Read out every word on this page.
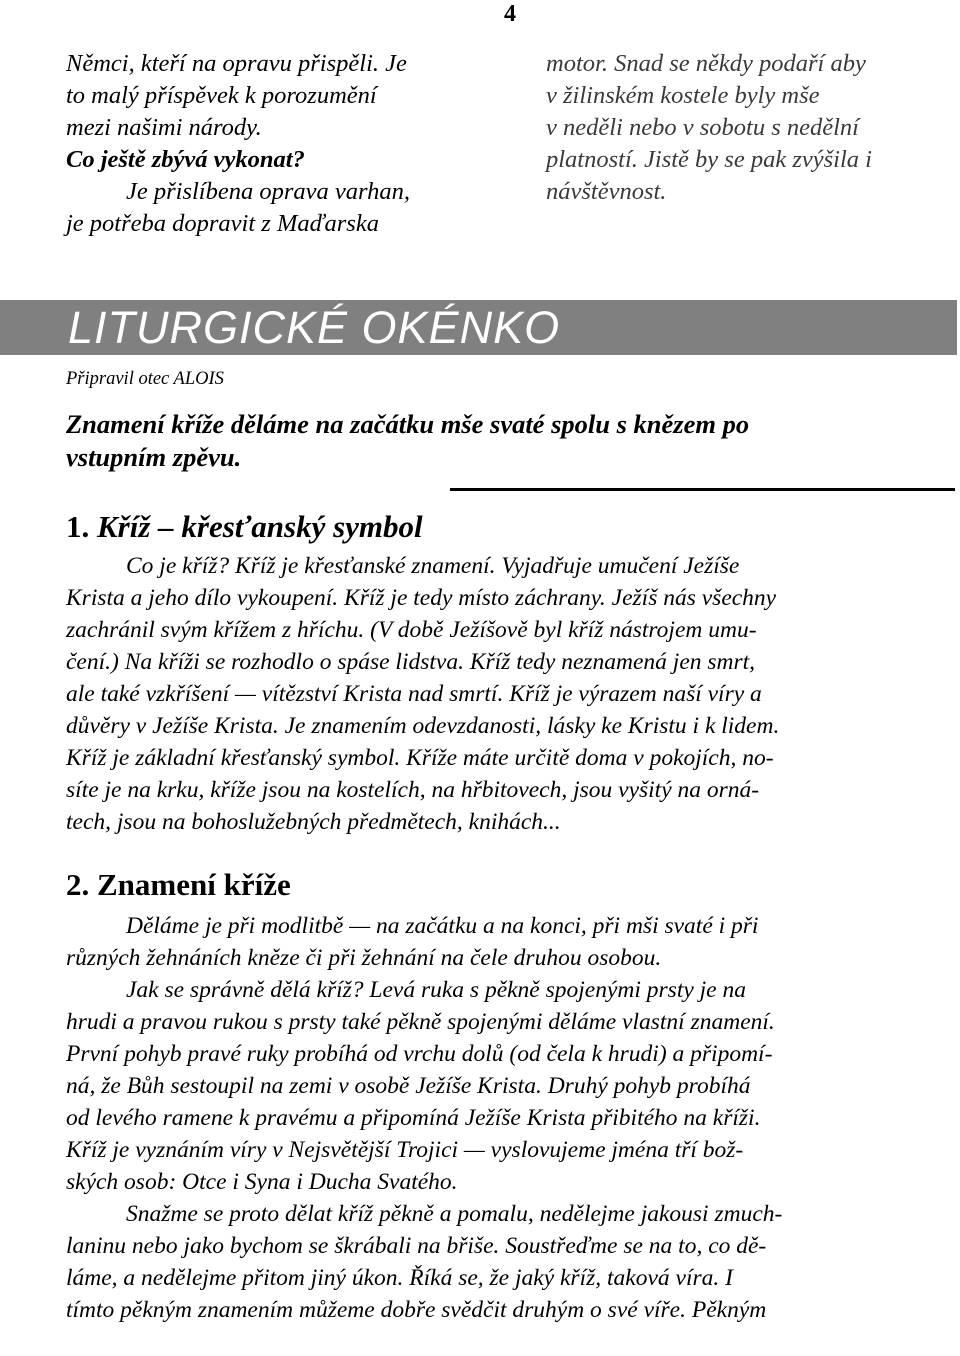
4
Němci, kteří na opravu přispěli. Je
to malý příspěvek k porozumění
mezi našimi národy.
Co ještě zbývá vykonat?
Je přislíbena oprava varhan,
je potřeba dopravit z Maďarska
motor. Snad se někdy podaří aby
v žilinském kostele byly mše
v neděli nebo v sobotu s nedělní
platností. Jistě by se pak zvýšila i
návštěvnost.
LITURGICKÉ OKÉNKO
Připravil otec ALOIS
Znamení kříže děláme na začátku mše svaté spolu s knězem po
vstupním zpěvu.
1. Kříž – křesťanský symbol
Co je kříž? Kříž je křesťanské znamení. Vyjadřuje umučení Ježíše
Krista a jeho dílo vykoupení. Kříž je tedy místo záchrany. Ježíš nás všechny
zachránil svým křížem z hříchu. (V době Ježíšově byl kříž nástrojem umu-
čení.) Na kříži se rozhodlo o spáse lidstva. Kříž tedy neznamená jen smrt,
ale také vzkříšení — vítězství Krista nad smrtí. Kříž je výrazem naší víry a
důvěry v Ježíše Krista. Je znamením odevzdanosti, lásky ke Kristu i k lidem.
Kříž je základní křesťanský symbol. Kříže máte určitě doma v pokojích, no-
síte je na krku, kříže jsou na kostelích, na hřbitovech, jsou vyšitý na orná-
tech, jsou na bohoslužebných předmětech, knihách...
2. Znamení kříže
Děláme je při modlitbě — na začátku a na konci, při mši svaté i při
různých žehnáních kněze či při žehnání na čele druhou osobou.
Jak se správně dělá kříž? Levá ruka s pěkně spojenými prsty je na
hrudi a pravou rukou s prsty také pěkně spojenými děláme vlastní znamení.
První pohyb pravé ruky probíhá od vrchu dolů (od čela k hrudi) a připomí-
ná, že Bůh sestoupil na zemi v osobě Ježíše Krista. Druhý pohyb probíhá
od levého ramene k pravému a připomíná Ježíše Krista přibitého na kříži.
Kříž je vyznáním víry v Nejsvětější Trojici — vyslovujeme jména tří bož-
ských osob: Otce i Syna i Ducha Svatého.
Snažme se proto dělat kříž pěkně a pomalu, nedělejme jakousi zmuch-
laninu nebo jako bychom se škrábali na břiše. Soustřeďme se na to, co dě-
láme, a nedělejme přitom jiný úkon. Říká se, že jaký kříž, taková víra. I
tímto pěkným znamením můžeme dobře svědčit druhým o své víře. Pěkným
